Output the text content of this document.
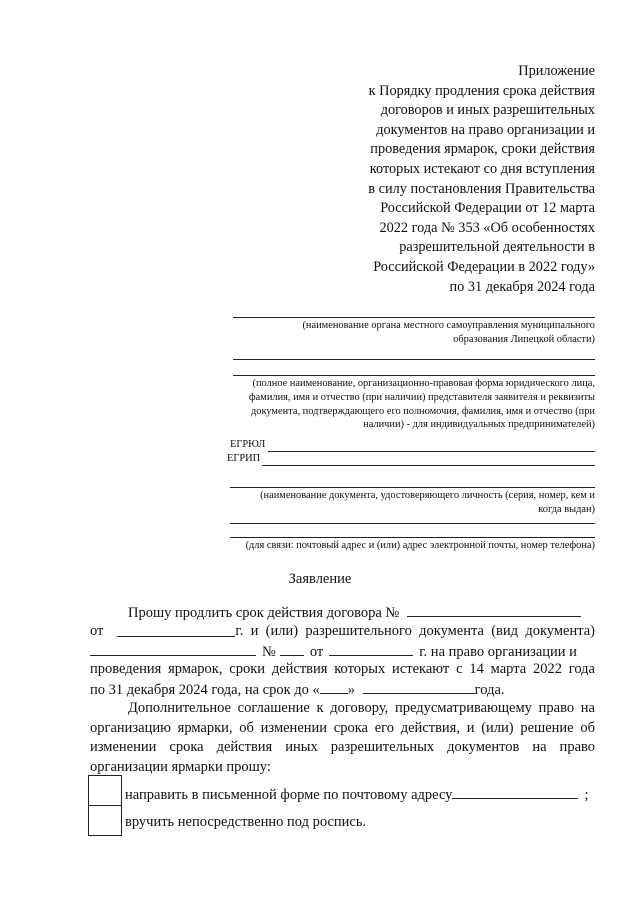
Приложение
к Порядку продления срока действия
договоров и иных разрешительных
документов на право организации и
проведения ярмарок, сроки действия
которых истекают со дня вступления
в силу постановления Правительства
Российской Федерации от 12 марта
2022 года № 353 «Об особенностях
разрешительной деятельности в
Российской Федерации в 2022 году»
по 31 декабря 2024 года
(наименование органа местного самоуправления муниципального
образования Липецкой области)
(полное наименование, организационно-правовая форма юридического лица,
фамилия, имя и отчество (при наличии) представителя заявителя и реквизиты
документа, подтверждающего его полномочия, фамилия, имя и отчество (при
наличии) - для индивидуальных предпринимателей)
ЕГРЮЛ
ЕГРИП
(наименование документа, удостоверяющего личность (серия, номер, кем и
когда выдан)
(для связи: почтовый адрес и (или) адрес электронной почты, номер телефона)
Заявление
Прошу продлить срок действия договора №
от	г. и (или) разрешительного документа (вид документа)
№ от	г. на право организации и
проведения ярмарок, сроки действия которых истекают с 14 марта 2022 года
по 31 декабря 2024 года, на срок до « »	года.
Дополнительное соглашение к договору, предусматривающему право на организацию ярмарки, об изменении срока его действия, и (или) решение об изменении срока действия иных разрешительных документов на право организации ярмарки прошу:
направить в письменной форме по почтовому адресу	;
вручить непосредственно под роспись.
